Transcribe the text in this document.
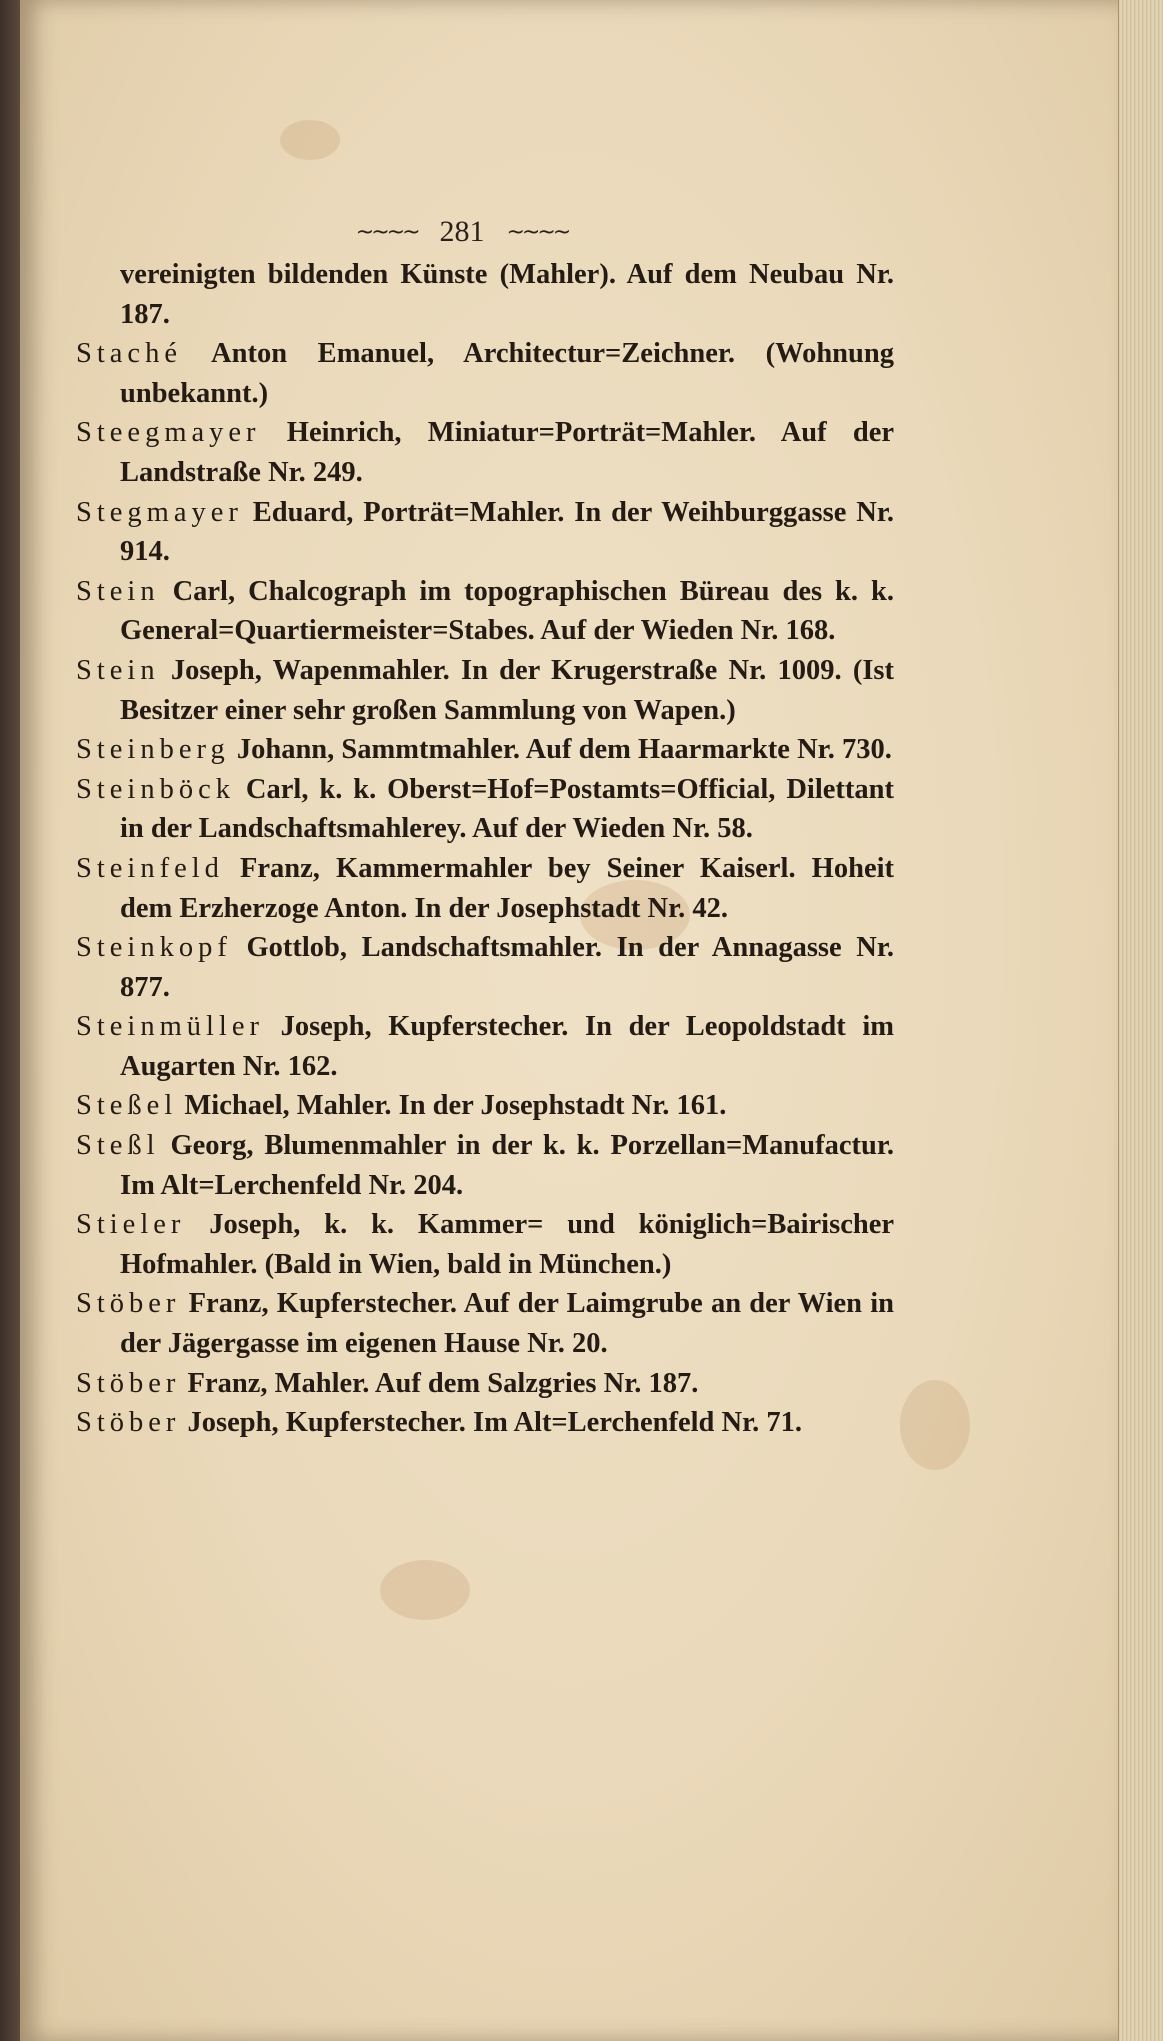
~~~~ 281 ~~~~
vereinigten bildenden Künste (Mahler). Auf dem Neubau Nr. 187.
Staché Anton Emanuel, Architectur=Zeichner. (Wohnung unbekannt.)
Steegmayer Heinrich, Miniatur=Porträt=Mahler. Auf der Landstraße Nr. 249.
Stegmayer Eduard, Porträt=Mahler. In der Weihburggasse Nr. 914.
Stein Carl, Chalcograph im topographischen Büreau des k. k. General=Quartiermeister=Stabes. Auf der Wieden Nr. 168.
Stein Joseph, Wapenmahler. In der Krugerstraße Nr. 1009. (Ist Besitzer einer sehr großen Sammlung von Wapen.)
Steinberg Johann, Sammtmahler. Auf dem Haarmarkte Nr. 730.
Steinböck Carl, k. k. Oberst=Hof=Postamts=Official, Dilettant in der Landschaftsmahlerey. Auf der Wieden Nr. 58.
Steinfeld Franz, Kammermahler bey Seiner Kaiserl. Hoheit dem Erzherzoge Anton. In der Josephstadt Nr. 42.
Steinkopf Gottlob, Landschaftsmahler. In der Annagasse Nr. 877.
Steinmüller Joseph, Kupferstecher. In der Leopoldstadt im Augarten Nr. 162.
Steßel Michael, Mahler. In der Josephstadt Nr. 161.
Steßl Georg, Blumenmahler in der k. k. Porzellan=Manufactur. Im Alt=Lerchenfeld Nr. 204.
Stieler Joseph, k. k. Kammer= und königlich=Bairischer Hofmahler. (Bald in Wien, bald in München.)
Stöber Franz, Kupferstecher. Auf der Laimgrube an der Wien in der Jägergasse im eigenen Hause Nr. 20.
Stöber Franz, Mahler. Auf dem Salzgries Nr. 187.
Stöber Joseph, Kupferstecher. Im Alt=Lerchenfeld Nr. 71.
